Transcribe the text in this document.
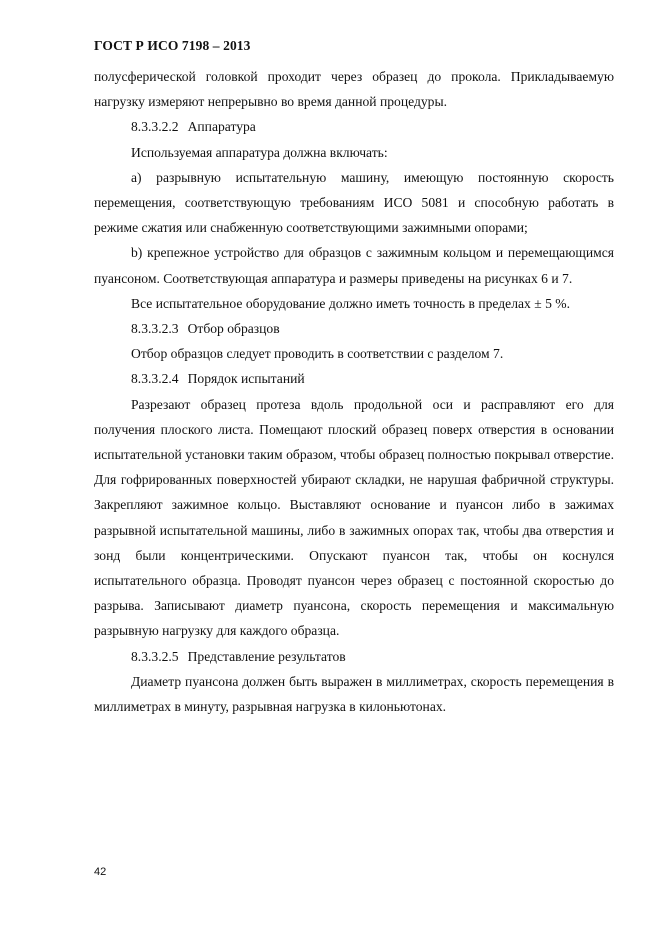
ГОСТ Р ИСО 7198 – 2013

полусферической головкой проходит через образец до прокола. Прикладываемую нагрузку измеряют непрерывно во время данной процедуры.

8.3.3.2.2 Аппаратура

Используемая аппаратура должна включать:

а) разрывную испытательную машину, имеющую постоянную скорость перемещения, соответствующую требованиям ИСО 5081 и способную работать в режиме сжатия или снабженную соответствующими зажимными опорами;

b) крепежное устройство для образцов с зажимным кольцом и перемещающимся пуансоном. Соответствующая аппаратура и размеры приведены на рисунках 6 и 7.

Все испытательное оборудование должно иметь точность в пределах ± 5 %.

8.3.3.2.3 Отбор образцов

Отбор образцов следует проводить в соответствии с разделом 7.

8.3.3.2.4 Порядок испытаний

Разрезают образец протеза вдоль продольной оси и расправляют его для получения плоского листа. Помещают плоский образец поверх отверстия в основании испытательной установки таким образом, чтобы образец полностью покрывал отверстие. Для гофрированных поверхностей убирают складки, не нарушая фабричной структуры. Закрепляют зажимное кольцо. Выставляют основание и пуансон либо в зажимах разрывной испытательной машины, либо в зажимных опорах так, чтобы два отверстия и зонд были концентрическими. Опускают пуансон так, чтобы он коснулся испытательного образца. Проводят пуансон через образец с постоянной скоростью до разрыва. Записывают диаметр пуансона, скорость перемещения и максимальную разрывную нагрузку для каждого образца.

8.3.3.2.5 Представление результатов

Диаметр пуансона должен быть выражен в миллиметрах, скорость перемещения в миллиметрах в минуту, разрывная нагрузка в килоньютонах.

42
